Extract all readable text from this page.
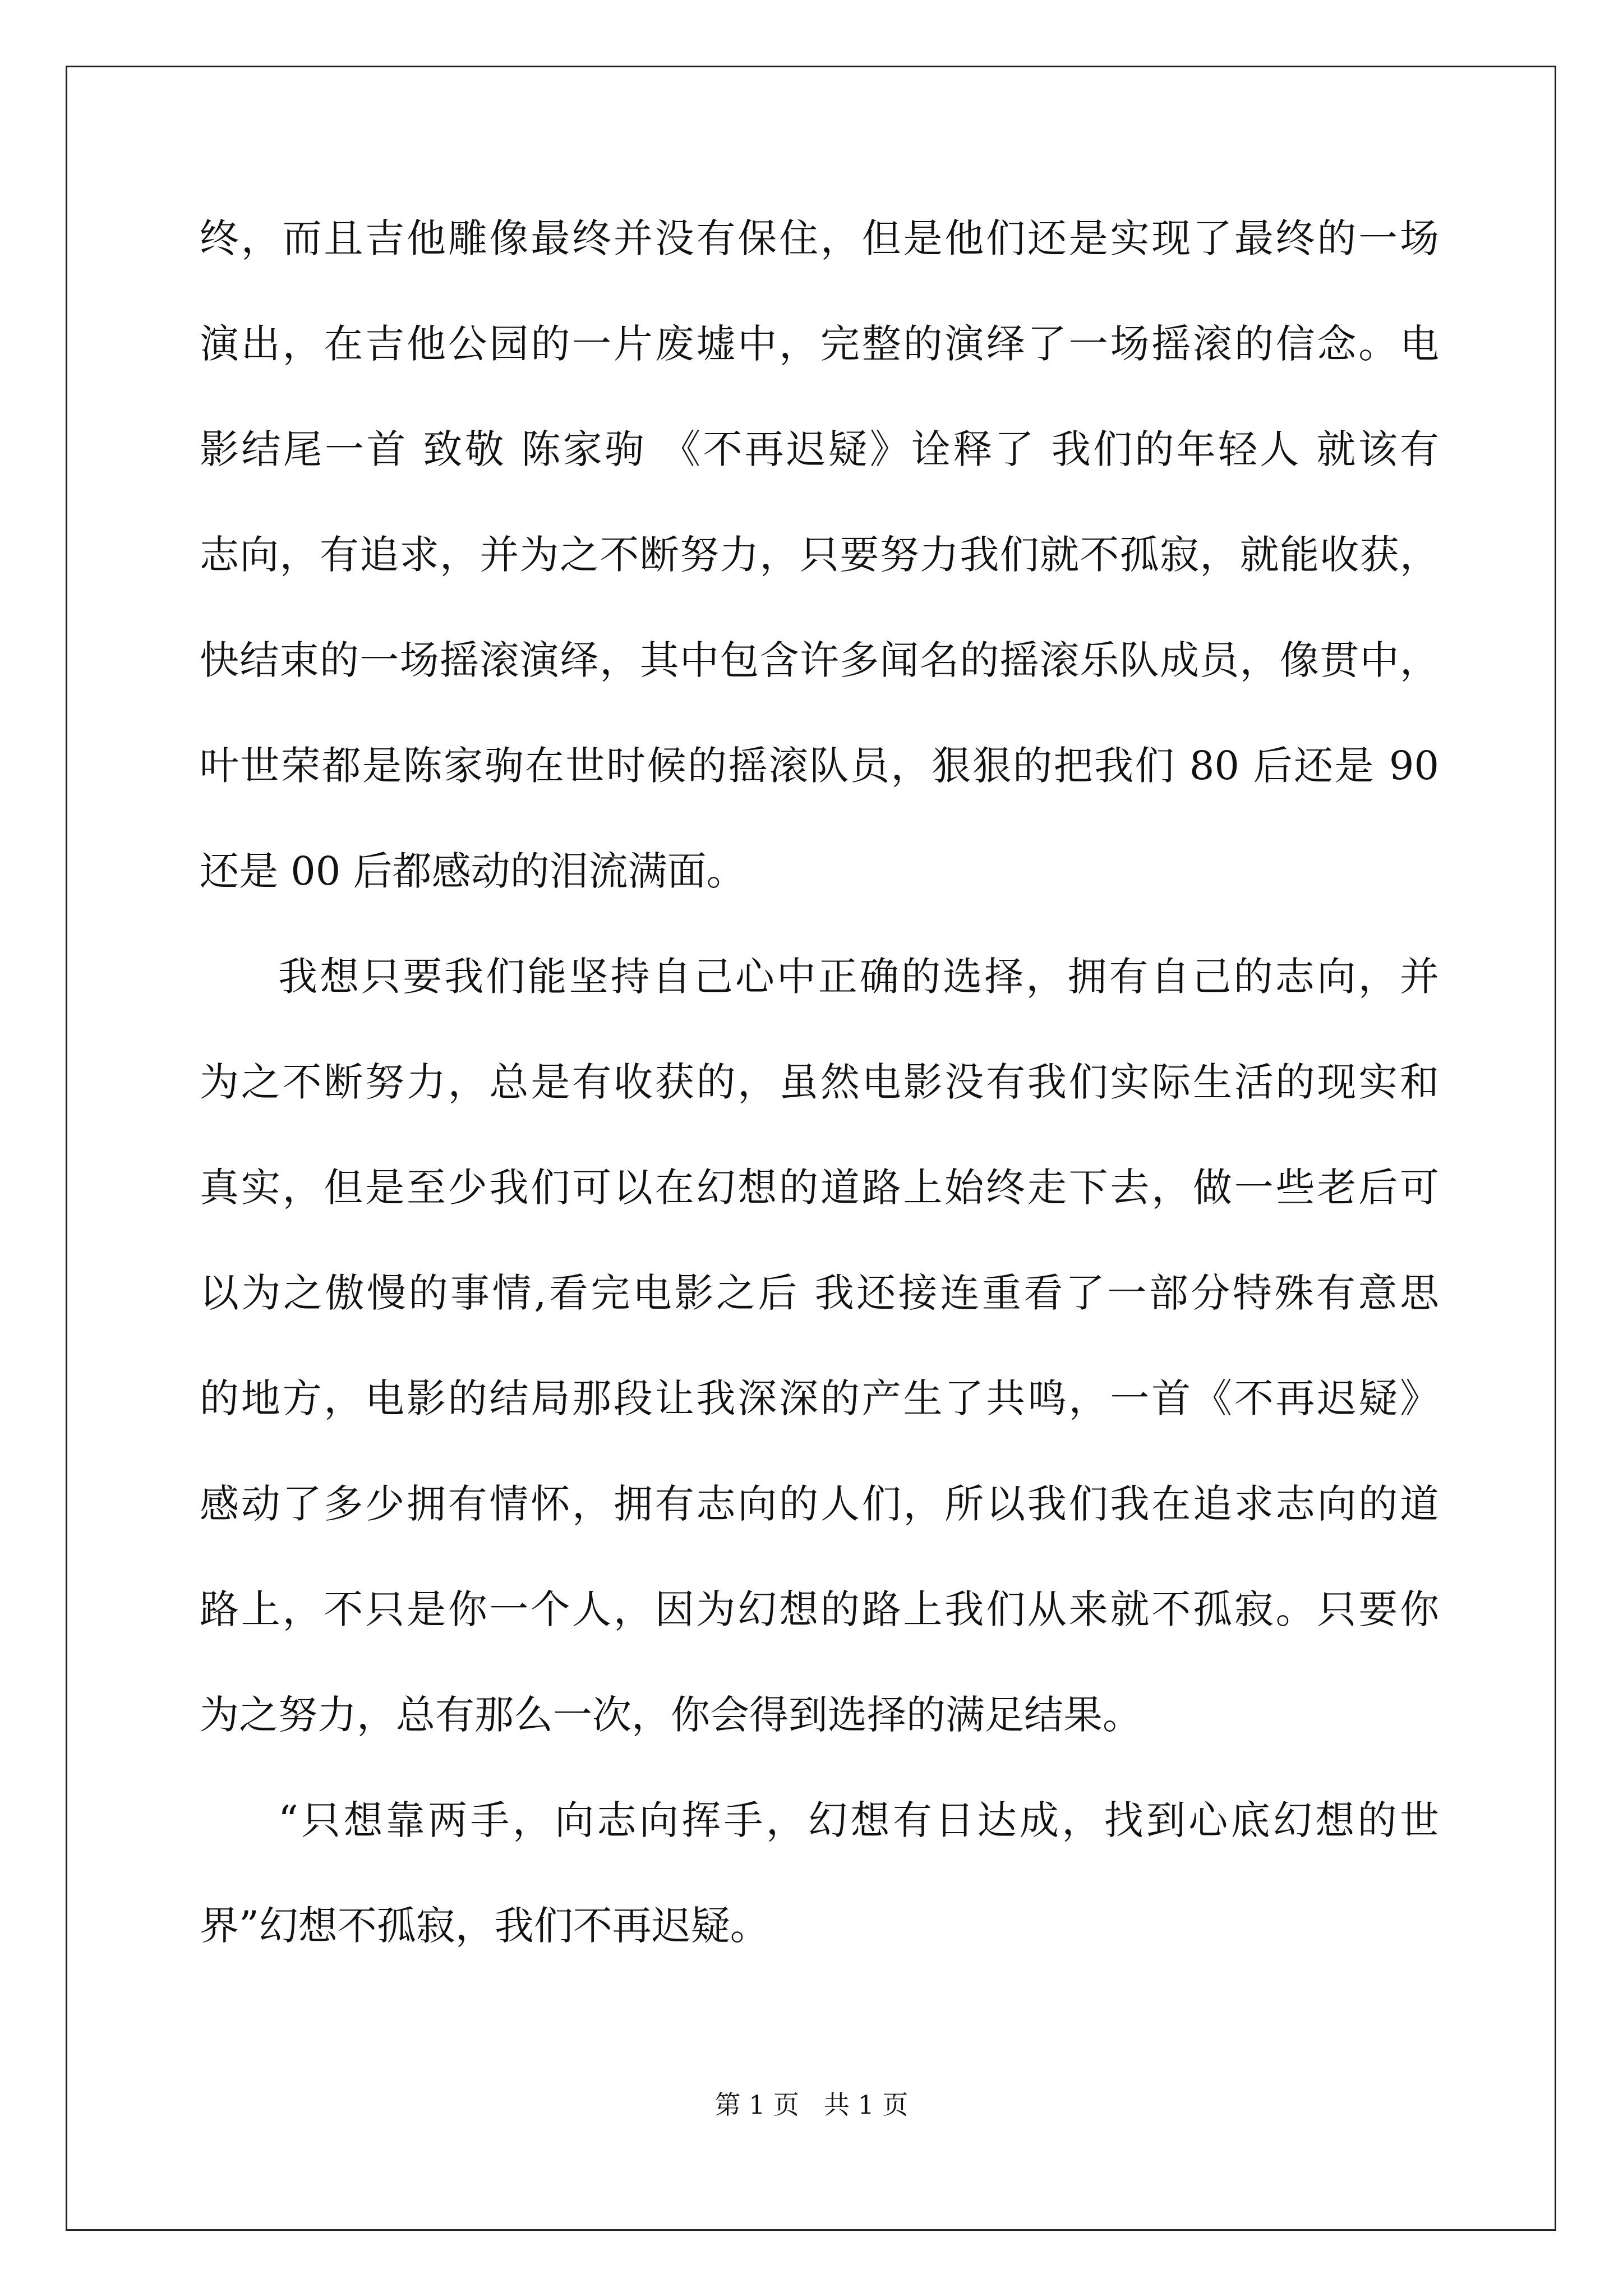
终，而且吉他雕像最终并没有保住，但是他们还是实现了最终的一场
演出，在吉他公园的一片废墟中，完整的演绎了一场摇滚的信念。电
影结尾一首 致敬 陈家驹 《不再迟疑》诠释了 我们的年轻人 就该有
志向，有追求，并为之不断努力，只要努力我们就不孤寂，就能收获，
快结束的一场摇滚演绎，其中包含许多闻名的摇滚乐队成员，像贯中，
叶世荣都是陈家驹在世时候的摇滚队员，狠狠的把我们 80 后还是 90
还是 00 后都感动的泪流满面。
我想只要我们能坚持自己心中正确的选择，拥有自己的志向，并
为之不断努力，总是有收获的，虽然电影没有我们实际生活的现实和
真实，但是至少我们可以在幻想的道路上始终走下去，做一些老后可
以为之傲慢的事情,看完电影之后 我还接连重看了一部分特殊有意思
的地方，电影的结局那段让我深深的产生了共鸣，一首《不再迟疑》
感动了多少拥有情怀，拥有志向的人们，所以我们我在追求志向的道
路上，不只是你一个人，因为幻想的路上我们从来就不孤寂。只要你
为之努力，总有那么一次，你会得到选择的满足结果。
“只想靠两手，向志向挥手，幻想有日达成，找到心底幻想的世
界”幻想不孤寂，我们不再迟疑。
第 1 页   共 1 页
